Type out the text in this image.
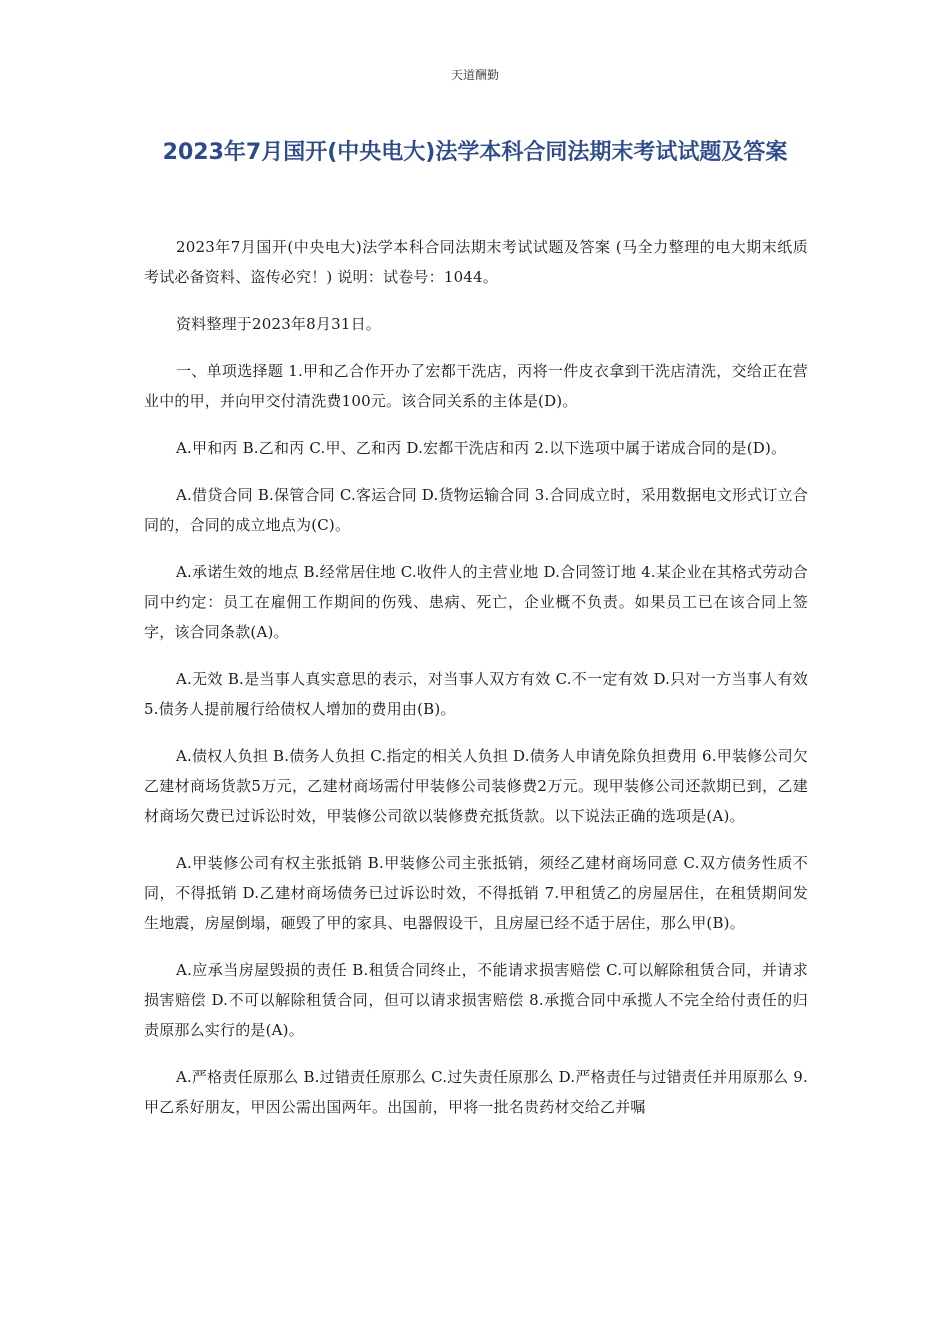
天道酬勤
2023年7月国开(中央电大)法学本科合同法期末考试试题及答案

2023年7月国开(中央电大)法学本科合同法期末考试试题及答案 (马全力整理的电大期末纸质考试必备资料、盗传必究！) 说明：试卷号：1044。

资料整理于2023年8月31日。

一、单项选择题 1.甲和乙合作开办了宏都干洗店，丙将一件皮衣拿到干洗店清洗，交给正在营业中的甲，并向甲交付清洗费100元。该合同关系的主体是(D)。

A.甲和丙 B.乙和丙 C.甲、乙和丙 D.宏都干洗店和丙 2.以下选项中属于诺成合同的是(D)。

A.借贷合同 B.保管合同 C.客运合同 D.货物运输合同 3.合同成立时，采用数据电文形式订立合同的，合同的成立地点为(C)。

A.承诺生效的地点 B.经常居住地 C.收件人的主营业地 D.合同签订地 4.某企业在其格式劳动合同中约定：员工在雇佣工作期间的伤残、患病、死亡，企业概不负责。如果员工已在该合同上签字，该合同条款(A)。

A.无效 B.是当事人真实意思的表示，对当事人双方有效 C.不一定有效 D.只对一方当事人有效 5.债务人提前履行给债权人增加的费用由(B)。

A.债权人负担 B.债务人负担 C.指定的相关人负担 D.债务人申请免除负担费用 6.甲装修公司欠乙建材商场货款5万元，乙建材商场需付甲装修公司装修费2万元。现甲装修公司还款期已到，乙建材商场欠费已过诉讼时效，甲装修公司欲以装修费充抵货款。以下说法正确的选项是(A)。

A.甲装修公司有权主张抵销 B.甲装修公司主张抵销，须经乙建材商场同意 C.双方债务性质不同，不得抵销 D.乙建材商场债务已过诉讼时效，不得抵销 7.甲租赁乙的房屋居住，在租赁期间发生地震，房屋倒塌，砸毁了甲的家具、电器假设干，且房屋已经不适于居住，那么甲(B)。

A.应承当房屋毁损的责任 B.租赁合同终止，不能请求损害赔偿 C.可以解除租赁合同，并请求损害赔偿 D.不可以解除租赁合同，但可以请求损害赔偿 8.承揽合同中承揽人不完全给付责任的归责原那么实行的是(A)。

A.严格责任原那么 B.过错责任原那么 C.过失责任原那么 D.严格责任与过错责任并用原那么 9.甲乙系好朋友，甲因公需出国两年。出国前，甲将一批名贵药材交给乙并嘱
